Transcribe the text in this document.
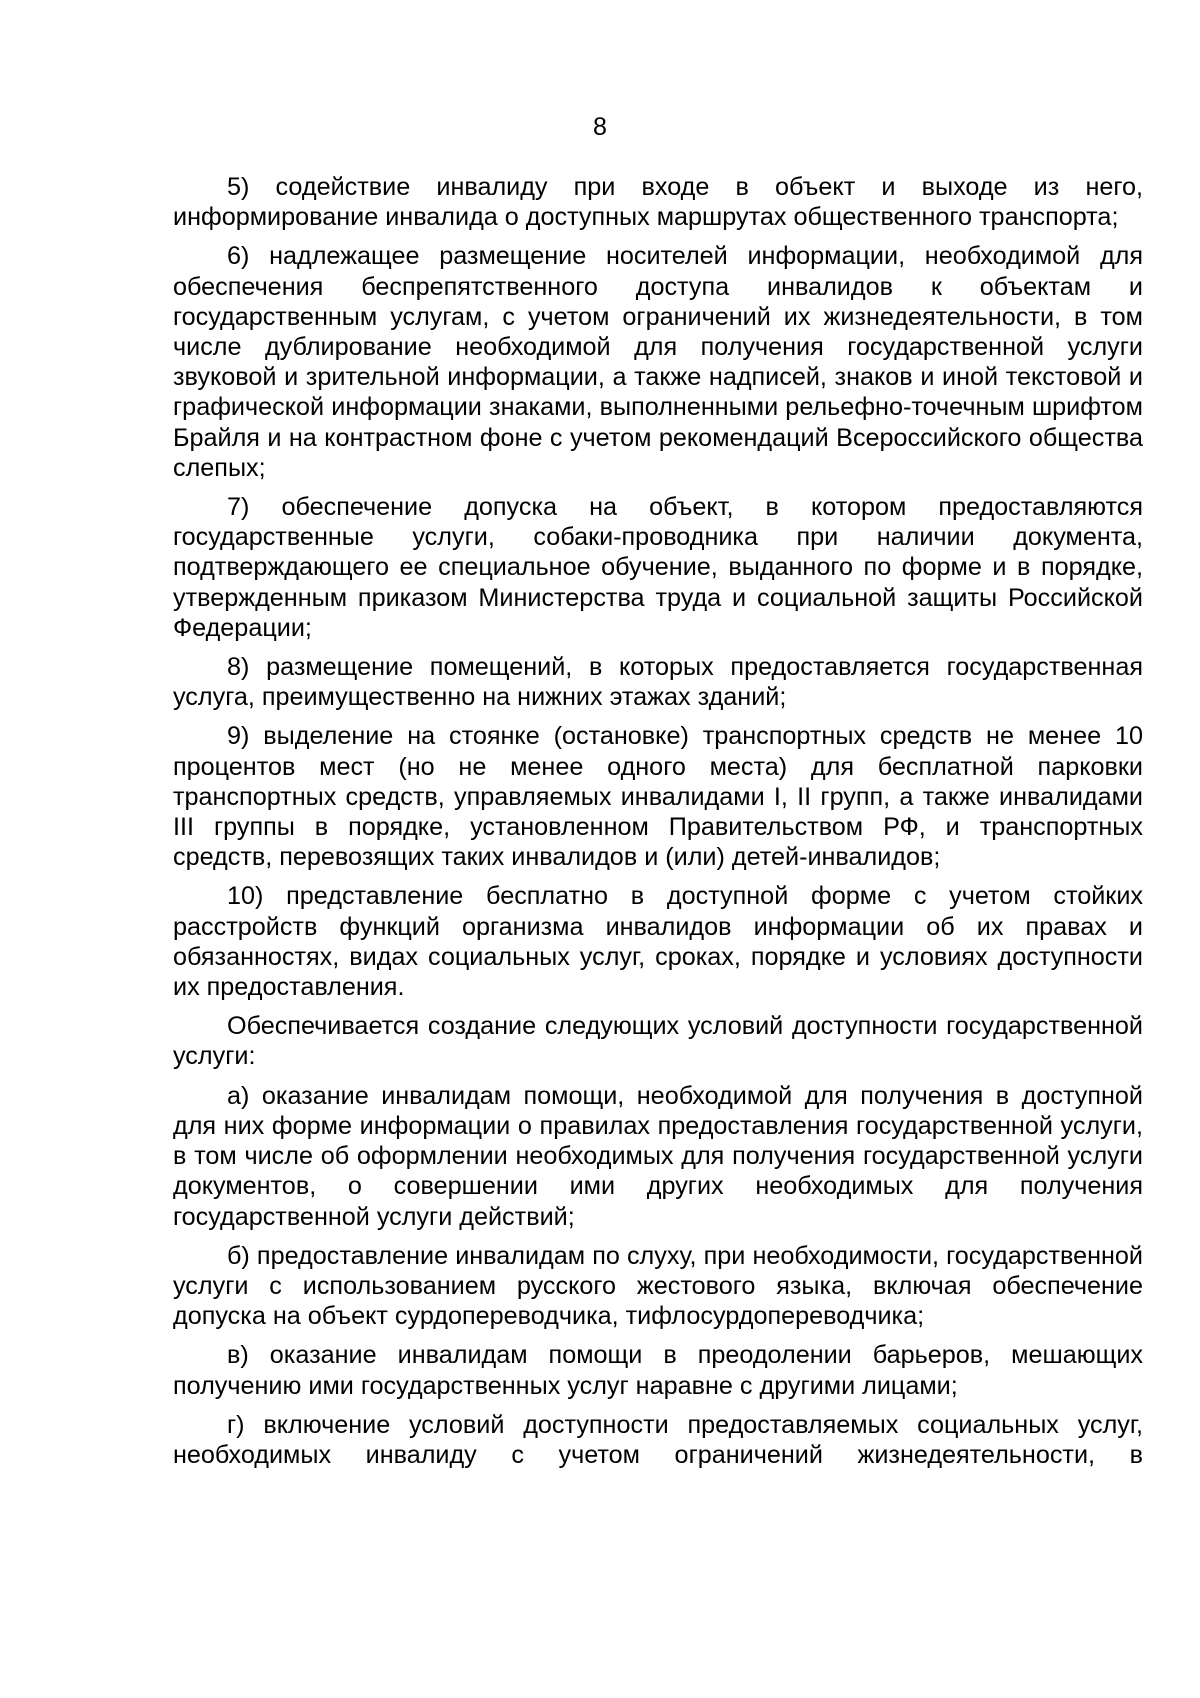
8

5) содействие инвалиду при входе в объект и выходе из него, информирование инвалида о доступных маршрутах общественного транспорта;

6) надлежащее размещение носителей информации, необходимой для обеспечения беспрепятственного доступа инвалидов к объектам и государственным услугам, с учетом ограничений их жизнедеятельности, в том числе дублирование необходимой для получения государственной услуги звуковой и зрительной информации, а также надписей, знаков и иной текстовой и графической информации знаками, выполненными рельефно-точечным шрифтом Брайля и на контрастном фоне с учетом рекомендаций Всероссийского общества слепых;

7) обеспечение допуска на объект, в котором предоставляются государственные услуги, собаки-проводника при наличии документа, подтверждающего ее специальное обучение, выданного по форме и в порядке, утвержденным приказом Министерства труда и социальной защиты Российской Федерации;

8) размещение помещений, в которых предоставляется государственная услуга, преимущественно на нижних этажах зданий;

9) выделение на стоянке (остановке) транспортных средств не менее 10 процентов мест (но не менее одного места) для бесплатной парковки транспортных средств, управляемых инвалидами I, II групп, а также инвалидами III группы в порядке, установленном Правительством РФ, и транспортных средств, перевозящих таких инвалидов и (или) детей-инвалидов;

10) представление бесплатно в доступной форме с учетом стойких расстройств функций организма инвалидов информации об их правах и обязанностях, видах социальных услуг, сроках, порядке и условиях доступности их предоставления.

Обеспечивается создание следующих условий доступности государственной услуги:

а) оказание инвалидам помощи, необходимой для получения в доступной для них форме информации о правилах предоставления государственной услуги, в том числе об оформлении необходимых для получения государственной услуги документов, о совершении ими других необходимых для получения государственной услуги действий;

б) предоставление инвалидам по слуху, при необходимости, государственной услуги с использованием русского жестового языка, включая обеспечение допуска на объект сурдопереводчика, тифлосурдопереводчика;

в) оказание инвалидам помощи в преодолении барьеров, мешающих получению ими государственных услуг наравне с другими лицами;

г) включение условий доступности предоставляемых социальных услуг, необходимых инвалиду с учетом ограничений жизнедеятельности, в
